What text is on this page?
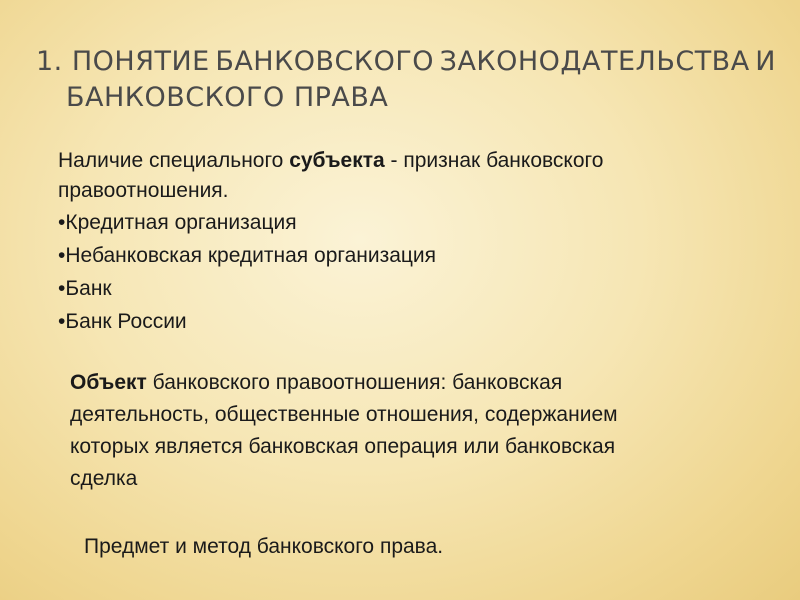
1. ПОНЯТИЕ БАНКОВСКОГО ЗАКОНОДАТЕЛЬСТВА И
БАНКОВСКОГО ПРАВА
Наличие специального субъекта - признак банковского правоотношения.
•Кредитная организация
•Небанковская кредитная организация
•Банк
•Банк России
Объект банковского правоотношения: банковская деятельность, общественные отношения, содержанием которых является банковская операция или банковская сделка
Предмет и метод банковского права.
